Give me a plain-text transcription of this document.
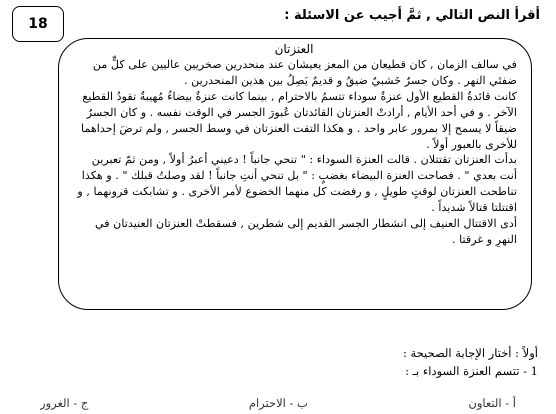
18
أقرأ النص التالي , ثمَّ أجيب عن الاسئلة :

العنزتان

في سالف الزمان , كان قطيعان من المعز يعيشان عند منحدرين صخريين عاليين على كلٍّ من ضفتَي النهر . وكان جسرٌ خَشبيٌ ضيقٌ و قديمٌ يَصِلُ بين هذين المنحدرين .

كانت قائدةُ القطيع الأول عنزةٌ سوداء تتسمُ بالاحترام , بينما كانت عنزةٌ بيضاءُ مُهيبةٌ تقودُ القطيع الآخر . و في أحد الأيام , أرادتْ العنزتان القائدتان عُبورَ الجسر في الوقت نفسه . و كان الجسرُ ضيقاً لا يسمح إلا بمرور عابر واحد . و هكذا التقت العنزتان في وسط الجسر , ولم ترضَ إحداهما للأخرى بالعبور أولاً .

بدأت العنزتان تقتتلان . قالت العنزة السوداء : " تنحي جانباً ! دعيني أعبرُ أولاً , ومن ثمّ تعبرين أنت بعدي " . فصاحت العنزة البيضاء بغضبٍ : " بل تنحي أنتِ جانباً ! لقد وصلتُ قبلك " . و هكذا تناطحت العنزتان لوقتٍ طويلٍ , و رفضت كل منهما الخضوع لأمر الأخرى . و تشابكت قرونهما , و اقتتلتا قتالاً شديداً .

أدى الاقتتال العنيف إلى انشطار الجسر القديم إلى شطرين , فسقطتْ العنزتان العنيدتان في النهرِ و غرقتا .

أولاً : أختار الإجابة الصحيحة :
1 - تتسم العنزة السوداء بـ :
أ - التعاون
ب - الاحترام
ج - الغرور
